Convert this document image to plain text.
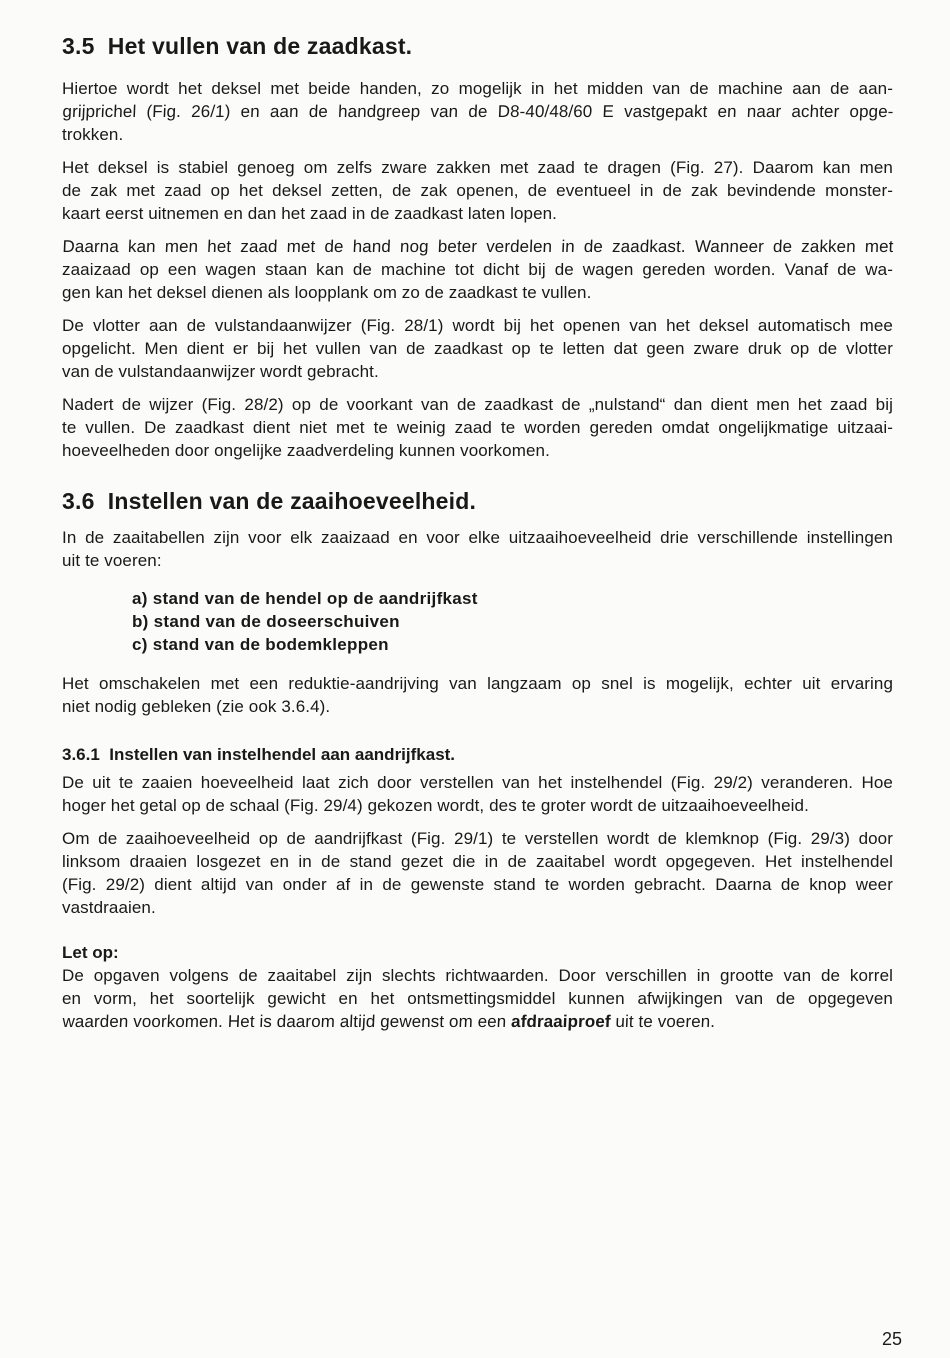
3.5  Het vullen van de zaadkast.
Hiertoe wordt het deksel met beide handen, zo mogelijk in het midden van de machine aan de aan-
grijprichel (Fig. 26/1) en aan de handgreep van de D8-40/48/60 E vastgepakt en naar achter opge-
trokken.
Het deksel is stabiel genoeg om zelfs zware zakken met zaad te dragen (Fig. 27). Daarom kan men
de zak met zaad op het deksel zetten, de zak openen, de eventueel in de zak bevindende monster-
kaart eerst uitnemen en dan het zaad in de zaadkast laten lopen.
Daarna kan men het zaad met de hand nog beter verdelen in de zaadkast. Wanneer de zakken met
zaaizaad op een wagen staan kan de machine tot dicht bij de wagen gereden worden. Vanaf de wa-
gen kan het deksel dienen als loopplank om zo de zaadkast te vullen.
De vlotter aan de vulstandaanwijzer (Fig. 28/1) wordt bij het openen van het deksel automatisch mee
opgelicht. Men dient er bij het vullen van de zaadkast op te letten dat geen zware druk op de vlotter
van de vulstandaanwijzer wordt gebracht.
Nadert de wijzer (Fig. 28/2) op de voorkant van de zaadkast de „nulstand“ dan dient men het zaad bij
te vullen. De zaadkast dient niet met te weinig zaad te worden gereden omdat ongelijkmatige uitzaai-
hoeveelheden door ongelijke zaadverdeling kunnen voorkomen.
3.6  Instellen van de zaaihoeveelheid.
In de zaaitabellen zijn voor elk zaaizaad en voor elke uitzaaihoeveelheid drie verschillende instellingen
uit te voeren:
a) stand van de hendel op de aandrijfkast
b) stand van de doseerschuiven
c) stand van de bodemkleppen
Het omschakelen met een reduktie-aandrijving van langzaam op snel is mogelijk, echter uit ervaring
niet nodig gebleken (zie ook 3.6.4).
3.6.1  Instellen van instelhendel aan aandrijfkast.
De uit te zaaien hoeveelheid laat zich door verstellen van het instelhendel (Fig. 29/2) veranderen. Hoe
hoger het getal op de schaal (Fig. 29/4) gekozen wordt, des te groter wordt de uitzaaihoeveelheid.
Om de zaaihoeveelheid op de aandrijfkast (Fig. 29/1) te verstellen wordt de klemknop (Fig. 29/3) door
linksom draaien losgezet en in de stand gezet die in de zaaitabel wordt opgegeven. Het instelhendel
(Fig. 29/2) dient altijd van onder af in de gewenste stand te worden gebracht. Daarna de knop weer
vastdraaien.
Let op:
De opgaven volgens de zaaitabel zijn slechts richtwaarden. Door verschillen in grootte van de korrel
en vorm, het soortelijk gewicht en het ontsmettingsmiddel kunnen afwijkingen van de opgegeven
waarden voorkomen. Het is daarom altijd gewenst om een afdraaiproef uit te voeren.
25
